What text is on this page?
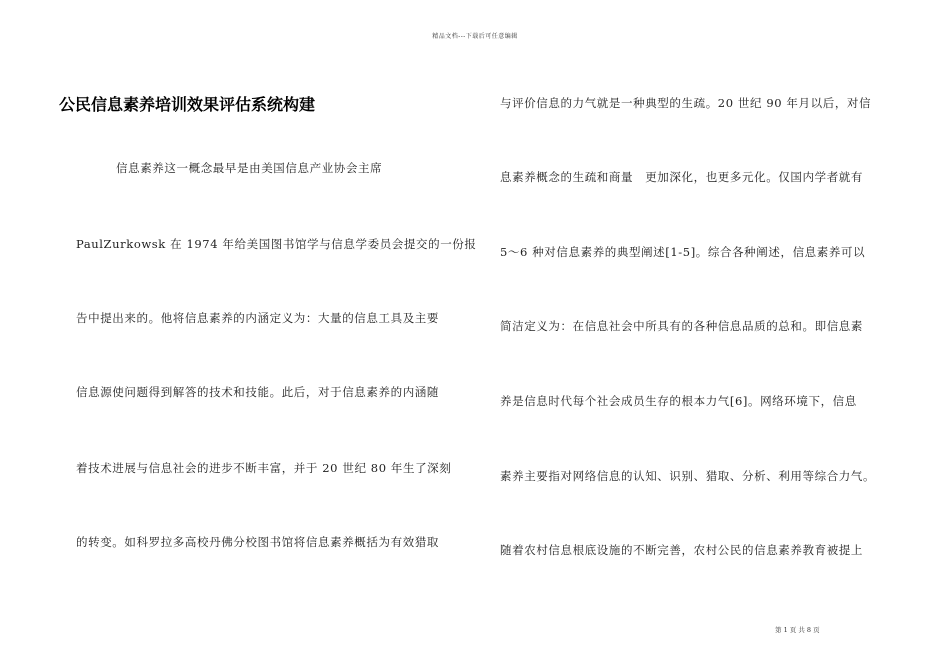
精品文档---下载后可任意编辑
公民信息素养培训效果评估系统构建
信息素养这一概念最早是由美国信息产业协会主席
PaulZurkowsk 在 1974 年给美国图书馆学与信息学委员会提交的一份报
告中提出来的。他将信息素养的内涵定义为：大量的信息工具及主要
信息源使问题得到解答的技术和技能。此后，对于信息素养的内涵随
着技术进展与信息社会的进步不断丰富，并于 20 世纪 80 年生了深刻
的转变。如科罗拉多高校丹佛分校图书馆将信息素养概括为有效猎取
与评价信息的力气就是一种典型的生疏。20 世纪 90 年月以后，对信
息素养概念的生疏和商量　更加深化，也更多元化。仅国内学者就有
5～6 种对信息素养的典型阐述[1-5]。综合各种阐述，信息素养可以
简洁定义为：在信息社会中所具有的各种信息品质的总和。即信息素
养是信息时代每个社会成员生存的根本力气[6]。网络环境下，信息
素养主要指对网络信息的认知、识别、猎取、分析、利用等综合力气。
随着农村信息根底设施的不断完善，农村公民的信息素养教育被提上
第 1 页 共 8 页
